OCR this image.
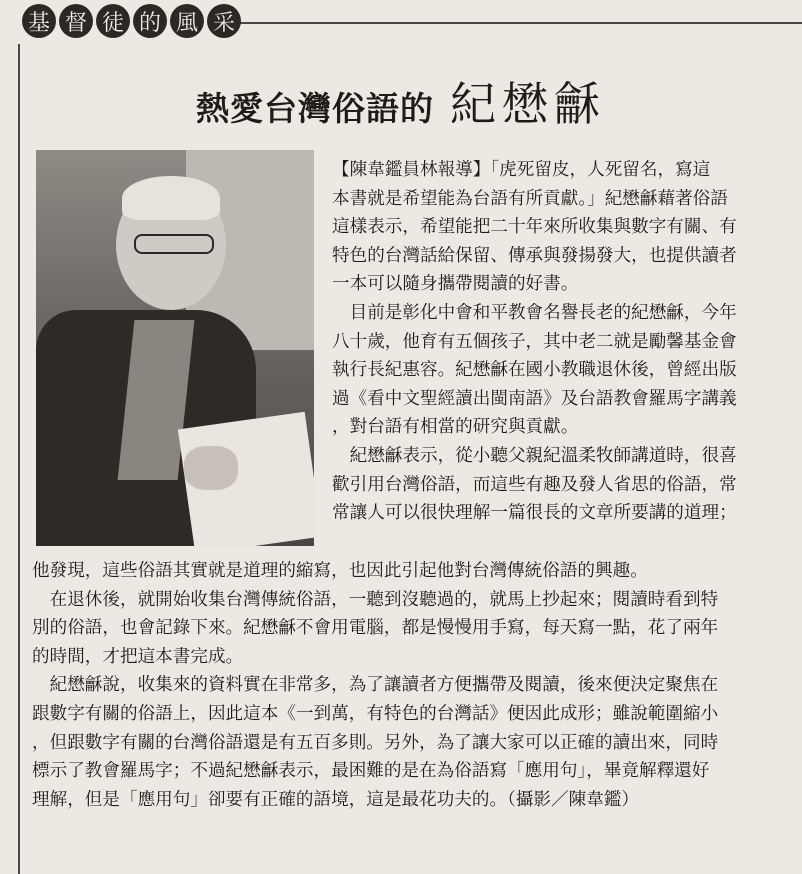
基 督 徒 的 風 采
熱愛台灣俗語的 紀懋龢
【陳韋鑑員林報導】「虎死留皮，人死留名，寫這
本書就是希望能為台語有所貢獻。」紀懋龢藉著俗語
這樣表示，希望能把二十年來所收集與數字有關、有
特色的台灣話給保留、傳承與發揚發大，也提供讀者
一本可以隨身攜帶閱讀的好書。
　目前是彰化中會和平教會名譽長老的紀懋龢，今年
八十歲，他育有五個孩子，其中老二就是勵馨基金會
執行長紀惠容。紀懋龢在國小教職退休後，曾經出版
過《看中文聖經讀出閩南語》及台語教會羅馬字講義
，對台語有相當的研究與貢獻。
　紀懋龢表示，從小聽父親紀溫柔牧師講道時，很喜
歡引用台灣俗語，而這些有趣及發人省思的俗語，常
常讓人可以很快理解一篇很長的文章所要講的道理；
他發現，這些俗語其實就是道理的縮寫，也因此引起他對台灣傳統俗語的興趣。
　在退休後，就開始收集台灣傳統俗語，一聽到沒聽過的，就馬上抄起來；閱讀時看到特
別的俗語，也會記錄下來。紀懋龢不會用電腦，都是慢慢用手寫，每天寫一點，花了兩年
的時間，才把這本書完成。
　紀懋龢說，收集來的資料實在非常多，為了讓讀者方便攜帶及閱讀，後來便決定聚焦在
跟數字有關的俗語上，因此這本《一到萬，有特色的台灣話》便因此成形；雖說範圍縮小
，但跟數字有關的台灣俗語還是有五百多則。另外，為了讓大家可以正確的讀出來，同時
標示了教會羅馬字；不過紀懋龢表示，最困難的是在為俗語寫「應用句」，畢竟解釋還好
理解，但是「應用句」卻要有正確的語境，這是最花功夫的。（攝影／陳韋鑑）
